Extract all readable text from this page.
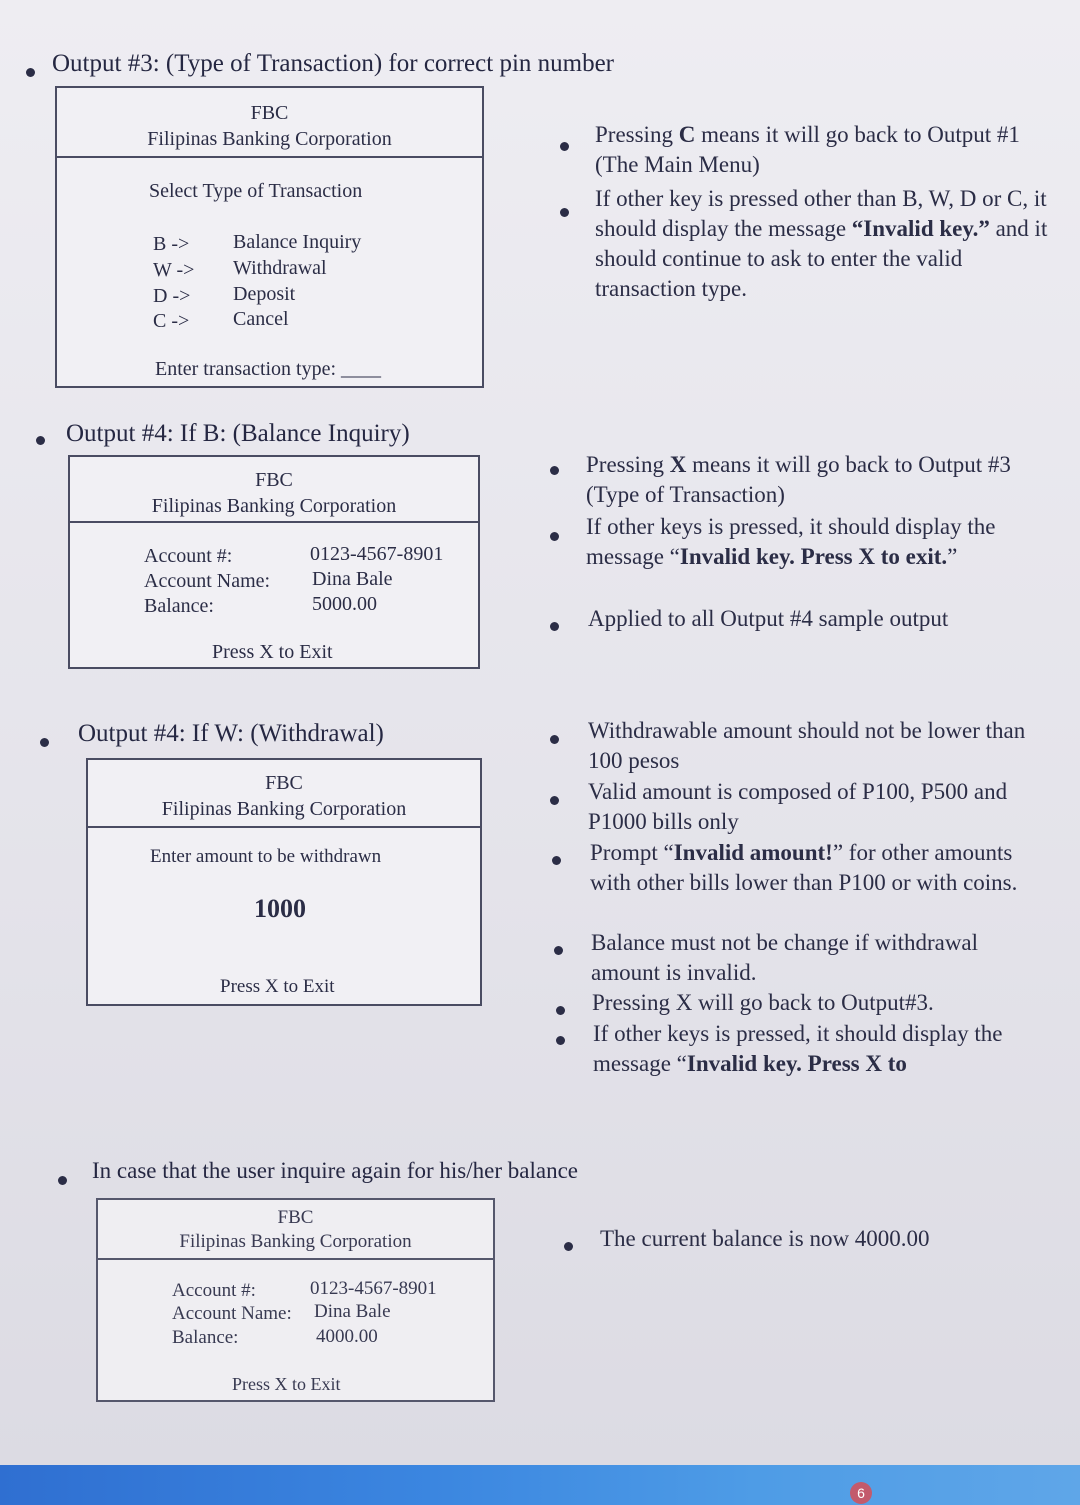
Output #3: (Type of Transaction) for correct pin number
FBC
Filipinas Banking Corporation
Select Type of Transaction
B -> Balance Inquiry
W -> Withdrawal
D -> Deposit
C -> Cancel
Enter transaction type: ____
Pressing C means it will go back to Output #1 (The Main Menu)
If other key is pressed other than B, W, D or C, it should display the message “Invalid key.” and it should continue to ask to enter the valid transaction type.
Output #4: If B: (Balance Inquiry)
FBC
Filipinas Banking Corporation
Account #:	0123-4567-8901
Account Name: Dina Bale
Balance:	5000.00
Press X to Exit
Pressing X means it will go back to Output #3 (Type of Transaction)
If other keys is pressed, it should display the message “Invalid key. Press X to exit.”
Applied to all Output #4 sample output
Output #4: If W: (Withdrawal)
FBC
Filipinas Banking Corporation
Enter amount to be withdrawn
1000
Press X to Exit
Withdrawable amount should not be lower than 100 pesos
Valid amount is composed of P100, P500 and P1000 bills only
Prompt “Invalid amount!” for other amounts with other bills lower than P100 or with coins.
Balance must not be change if withdrawal amount is invalid.
Pressing X will go back to Output#3.
If other keys is pressed, it should display the message “Invalid key. Press X to
In case that the user inquire again for his/her balance
FBC
Filipinas Banking Corporation
Account #:	0123-4567-8901
Account Name: Dina Bale
Balance:	4000.00
Press X to Exit
The current balance is now 4000.00
6
